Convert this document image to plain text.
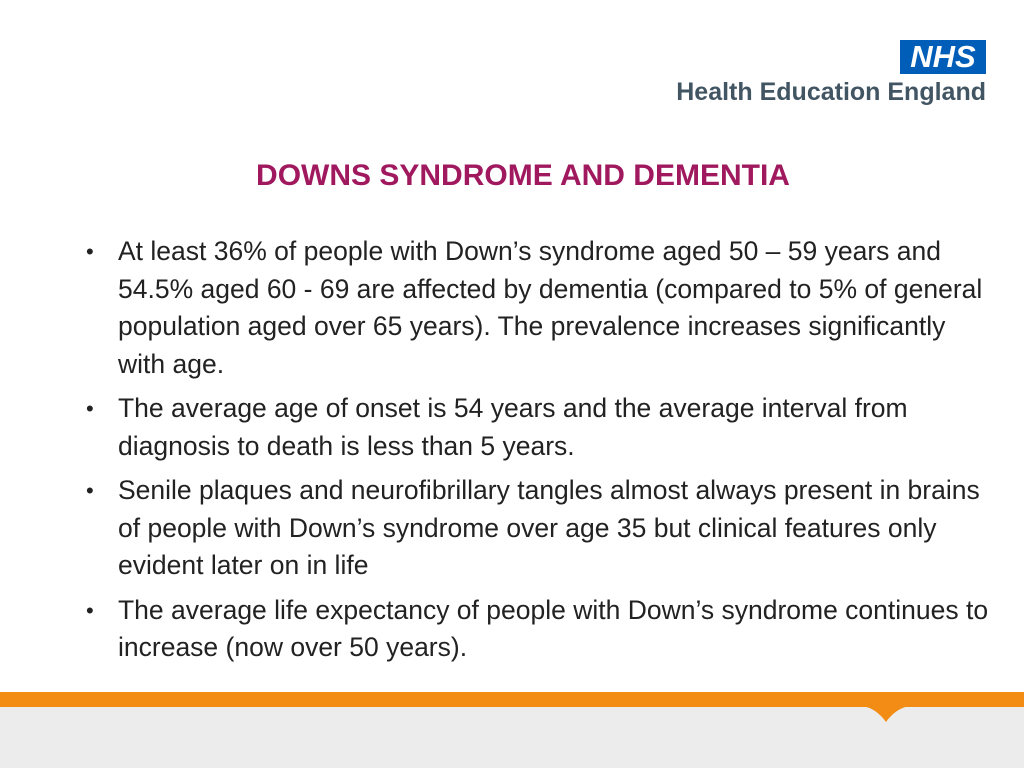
NHS
Health Education England
DOWNS SYNDROME AND DEMENTIA
• At least 36% of people with Down’s syndrome aged 50 – 59 years and 54.5% aged 60 - 69 are affected by dementia (compared to 5% of general population aged over 65 years). The prevalence increases significantly with age.
• The average age of onset is 54 years and the average interval from diagnosis to death is less than 5 years.
• Senile plaques and neurofibrillary tangles almost always present in brains of people with Down’s syndrome over age 35 but clinical features only evident later on in life
• The average life expectancy of people with Down’s syndrome continues to increase (now over 50 years).
